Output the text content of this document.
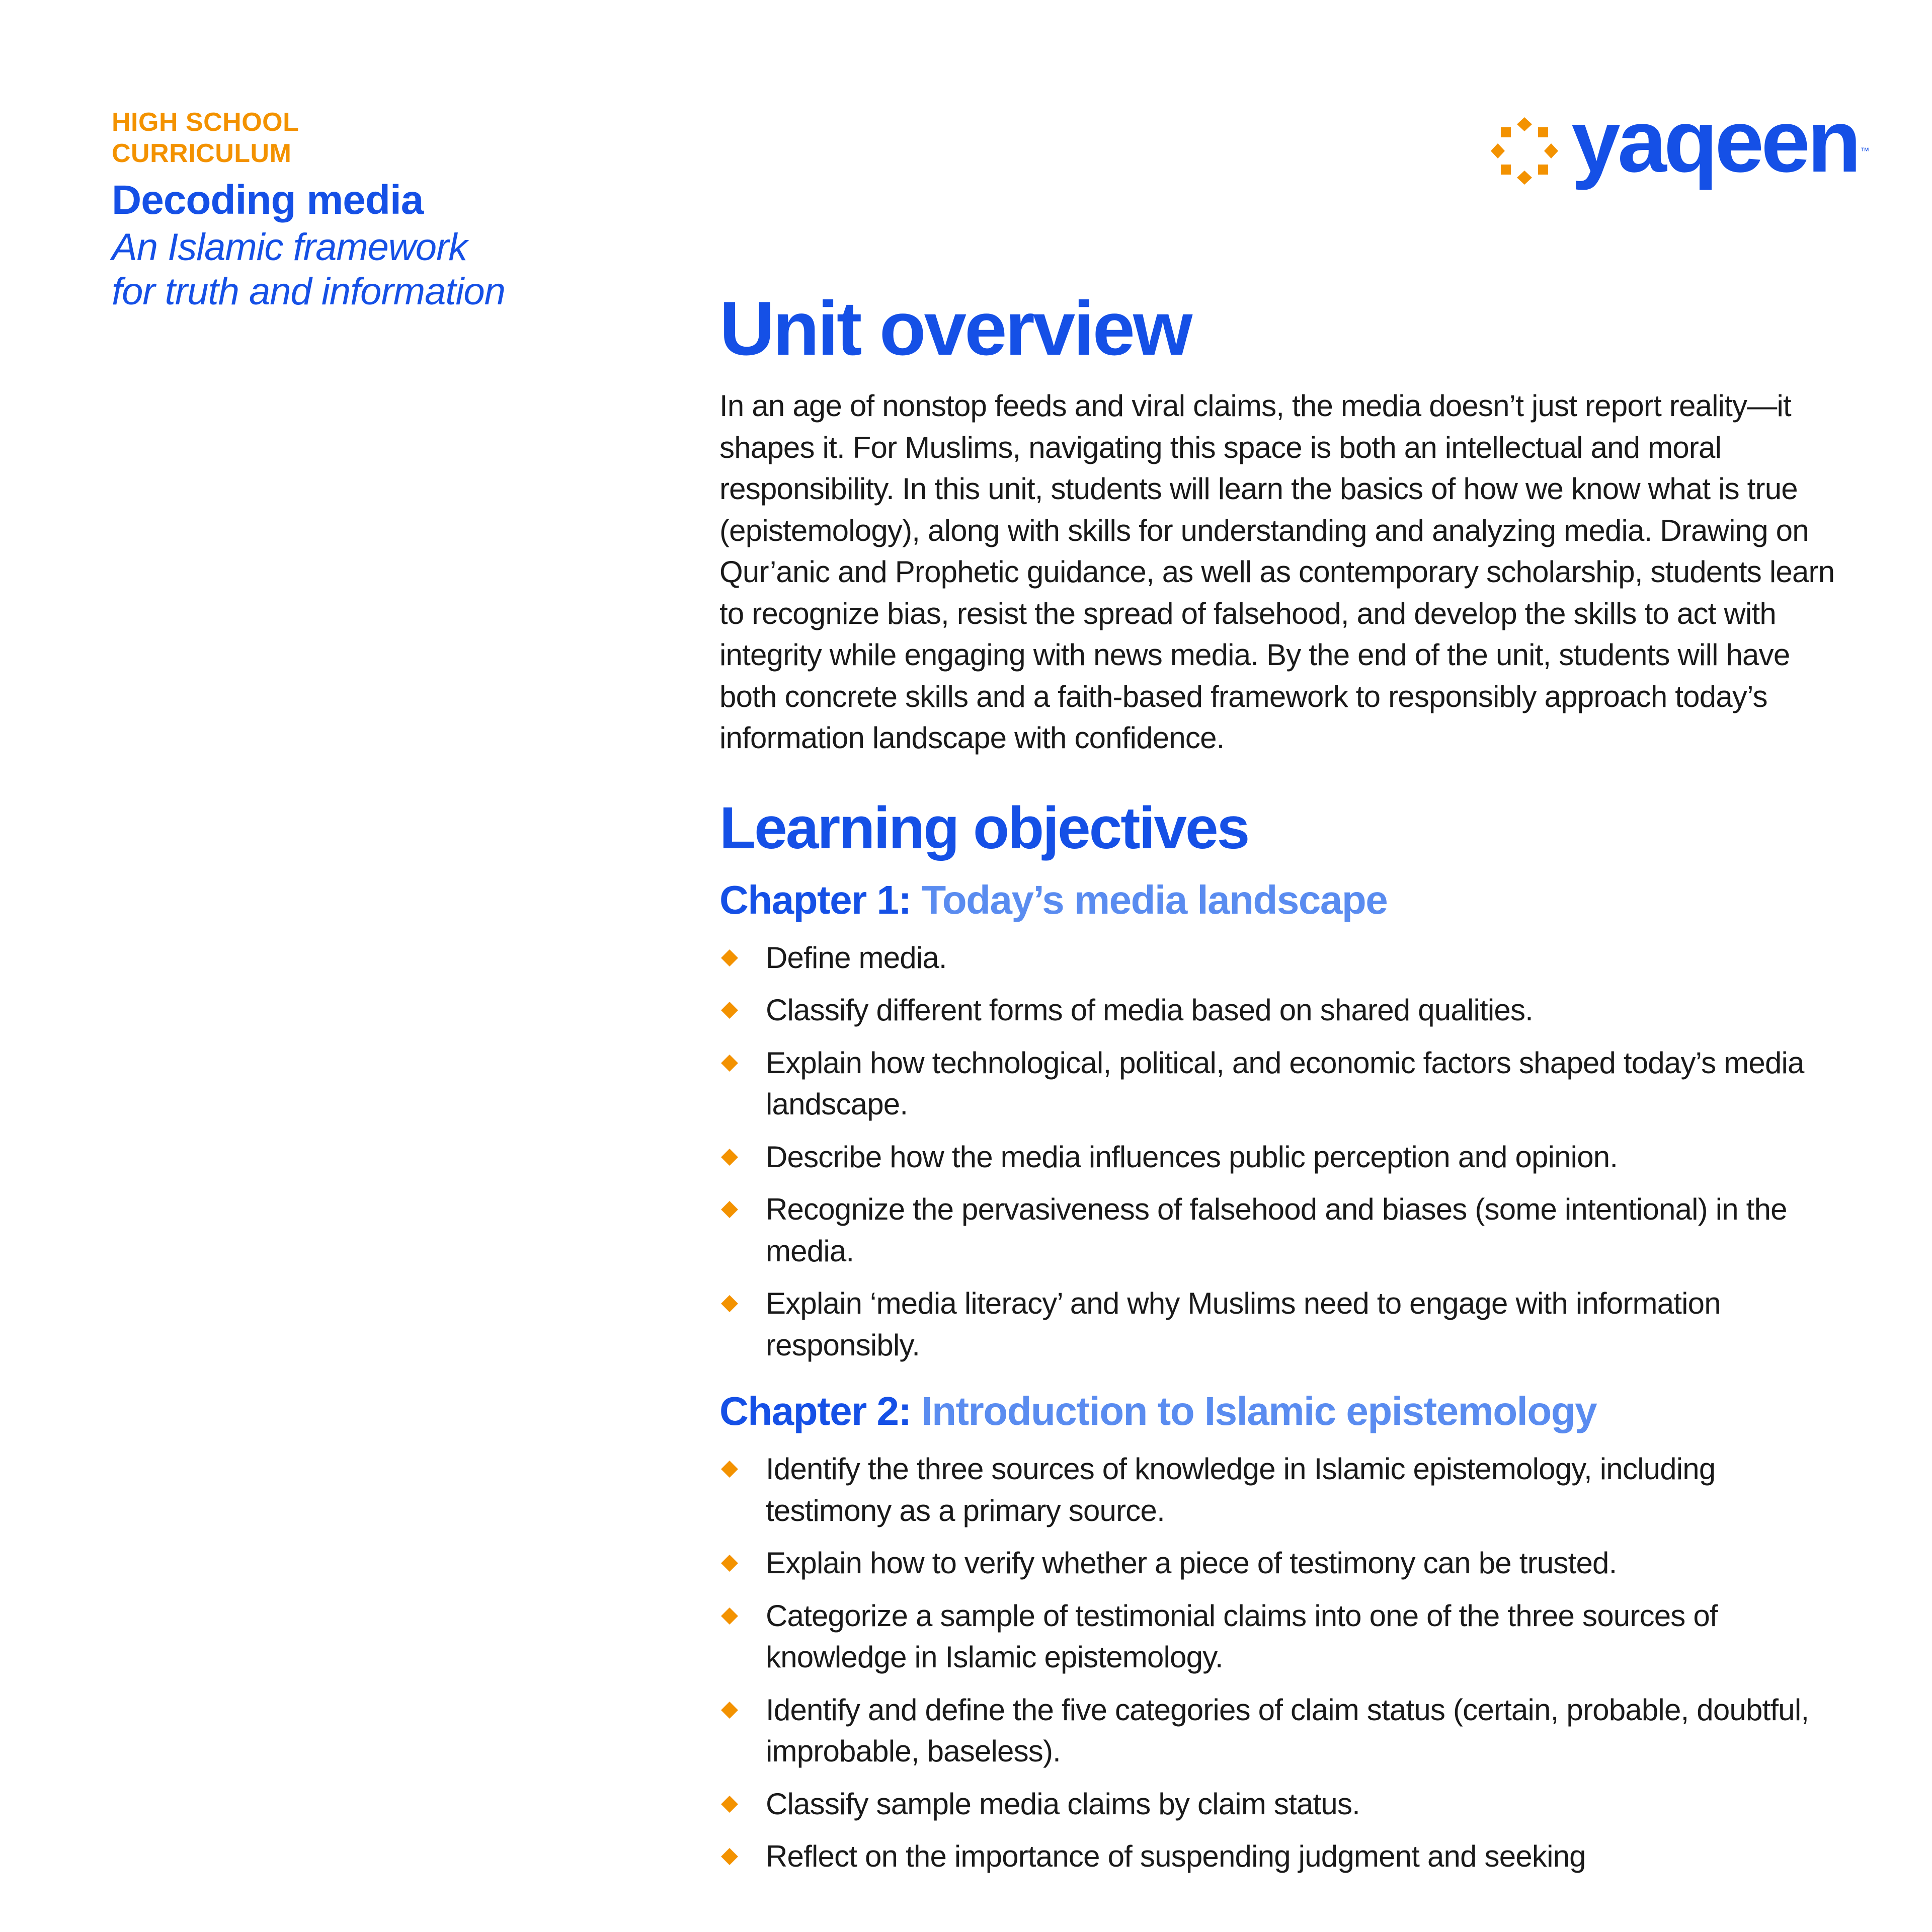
HIGH SCHOOL
CURRICULUM
Decoding media
An Islamic framework
for truth and information
yaqeen ™
Unit overview

In an age of nonstop feeds and viral claims, the media doesn’t just report reality—it shapes it. For Muslims, navigating this space is both an intellectual and moral responsibility. In this unit, students will learn the basics of how we know what is true (epistemology), along with skills for understanding and analyzing media. Drawing on Qur’anic and Prophetic guidance, as well as contemporary scholarship, students learn to recognize bias, resist the spread of falsehood, and develop the skills to act with integrity while engaging with news media. By the end of the unit, students will have both concrete skills and a faith-based framework to responsibly approach today’s information landscape with confidence.

Learning objectives
Chapter 1: Today’s media landscape
Define media.
Classify different forms of media based on shared qualities.
Explain how technological, political, and economic factors shaped today’s media landscape.
Describe how the media influences public perception and opinion.
Recognize the pervasiveness of falsehood and biases (some intentional) in the media.
Explain ‘media literacy’ and why Muslims need to engage with information responsibly.
Chapter 2: Introduction to Islamic epistemology
Identify the three sources of knowledge in Islamic epistemology, including testimony as a primary source.
Explain how to verify whether a piece of testimony can be trusted.
Categorize a sample of testimonial claims into one of the three sources of knowledge in Islamic epistemology.
Identify and define the five categories of claim status (certain, probable, doubtful, improbable, baseless).
Classify sample media claims by claim status.
Reflect on the importance of suspending judgment and seeking
